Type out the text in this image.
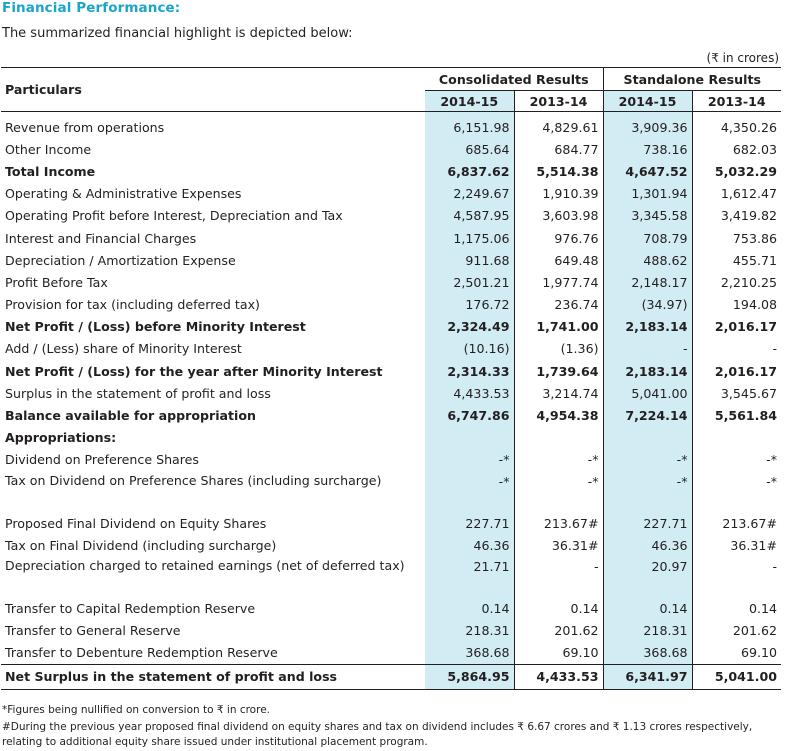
Financial Performance:
The summarized financial highlight is depicted below:
(₹ in crores)
Particulars	Consolidated Results		Standalone Results	
	2014-15	2013-14	2014-15	2013-14

Revenue from operations	6,151.98	4,829.61	3,909.36	4,350.26
Other Income	685.64	684.77	738.16	682.03
Total Income	6,837.62	5,514.38	4,647.52	5,032.29
Operating & Administrative Expenses	2,249.67	1,910.39	1,301.94	1,612.47
Operating Profit before Interest, Depreciation and Tax	4,587.95	3,603.98	3,345.58	3,419.82
Interest and Financial Charges	1,175.06	976.76	708.79	753.86
Depreciation / Amortization Expense	911.68	649.48	488.62	455.71
Profit Before Tax	2,501.21	1,977.74	2,148.17	2,210.25
Provision for tax (including deferred tax)	176.72	236.74	(34.97)	194.08
Net Profit / (Loss) before Minority Interest	2,324.49	1,741.00	2,183.14	2,016.17
Add / (Less) share of Minority Interest	(10.16)	(1.36)	-	-
Net Profit / (Loss) for the year after Minority Interest	2,314.33	1,739.64	2,183.14	2,016.17
Surplus in the statement of profit and loss	4,433.53	3,214.74	5,041.00	3,545.67
Balance available for appropriation	6,747.86	4,954.38	7,224.14	5,561.84
Appropriations:				
Dividend on Preference Shares	-*	-*	-*	-*
Tax on Dividend on Preference Shares (including surcharge)	-*	-*	-*	-*
Proposed Final Dividend on Equity Shares	227.71	213.67#	227.71	213.67#
Tax on Final Dividend (including surcharge)	46.36	36.31#	46.36	36.31#
Depreciation charged to retained earnings (net of deferred tax)	21.71	-	20.97	-
Transfer to Capital Redemption Reserve	0.14	0.14	0.14	0.14
Transfer to General Reserve	218.31	201.62	218.31	201.62
Transfer to Debenture Redemption Reserve	368.68	69.10	368.68	69.10
Net Surplus in the statement of profit and loss	5,864.95	4,433.53	6,341.97	5,041.00
*Figures being nullified on conversion to ₹ in crore.
#During the previous year proposed final dividend on equity shares and tax on dividend includes ₹ 6.67 crores and ₹ 1.13 crores respectively, relating to additional equity share issued under institutional placement program.
